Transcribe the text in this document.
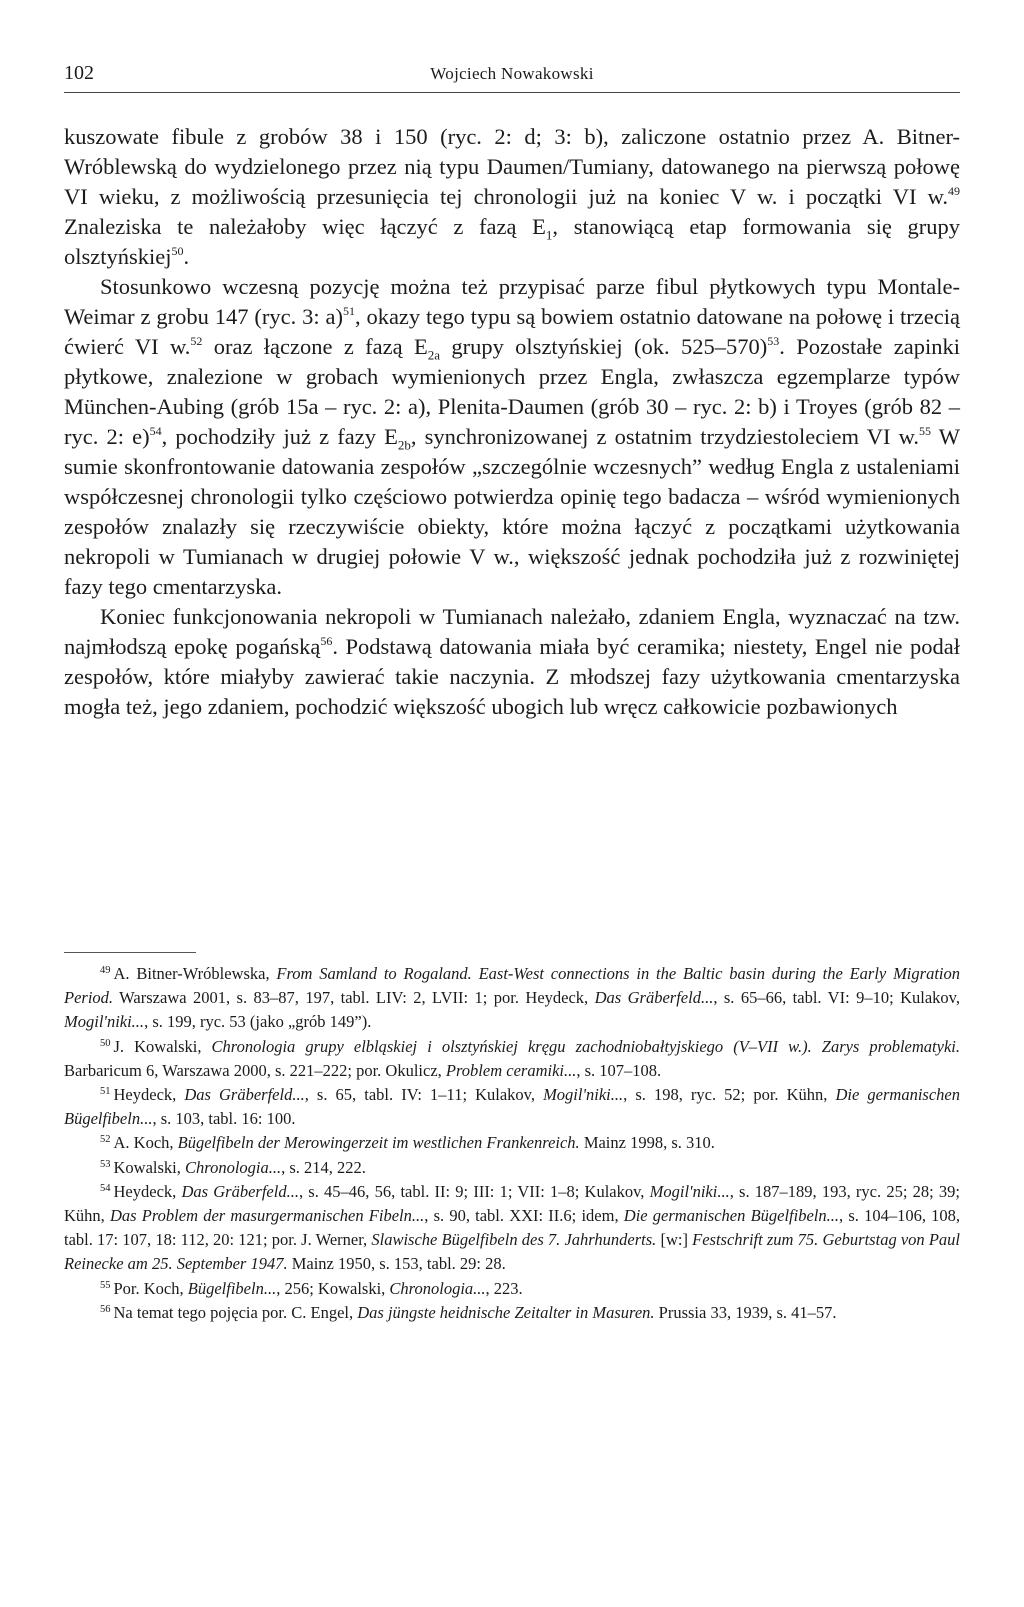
102	Wojciech Nowakowski

kuszowate fibule z grobów 38 i 150 (ryc. 2: d; 3: b), zaliczone ostatnio przez A. Bitner-Wróblewską do wydzielonego przez nią typu Daumen/Tumiany, datowanego na pierwszą połowę VI wieku, z możliwością przesunięcia tej chronologii już na koniec V w. i początki VI w.$^{49}$ Znaleziska te należałoby więc łączyć z fazą $E_1$, stanowiącą etap formowania się grupy olsztyńskiej$^{50}$.

Stosunkowo wczesną pozycję można też przypisać parze fibul płytkowych typu Montale-Weimar z grobu 147 (ryc. 3: a)$^{51}$, okazy tego typu są bowiem ostatnio datowane na połowę i trzecią ćwierć VI w.$^{52}$ oraz łączone z fazą $E_{2a}$ grupy olsztyńskiej (ok. 525–570)$^{53}$. Pozostałe zapinki płytkowe, znalezione w grobach wymienionych przez Engla, zwłaszcza egzemplarze typów München-Aubing (grób 15a – ryc. 2: a), Plenita-Daumen (grób 30 – ryc. 2: b) i Troyes (grób 82 – ryc. 2: e)$^{54}$, pochodziły już z fazy $E_{2b}$, synchronizowanej z ostatnim trzydziestoleciem VI w.$^{55}$ W sumie skonfrontowanie datowania zespołów „szczególnie wczesnych” według Engla z ustaleniami współczesnej chronologii tylko częściowo potwierdza opinię tego badacza – wśród wymienionych zespołów znalazły się rzeczywiście obiekty, które można łączyć z początkami użytkowania nekropoli w Tumianach w drugiej połowie V w., większość jednak pochodziła już z rozwiniętej fazy tego cmentarzyska.

Koniec funkcjonowania nekropoli w Tumianach należało, zdaniem Engla, wyznaczać na tzw. najmłodszą epokę pogańską$^{56}$. Podstawą datowania miała być ceramika; niestety, Engel nie podał zespołów, które miałyby zawierać takie naczynia. Z młodszej fazy użytkowania cmentarzyska mogła też, jego zdaniem, pochodzić większość ubogich lub wręcz całkowicie pozbawionych

$^{49}$ A. Bitner-Wróblewska, From Samland to Rogaland. East-West connections in the Baltic basin during the Early Migration Period. Warszawa 2001, s. 83–87, 197, tabl. LIV: 2, LVII: 1; por. Heydeck, Das Gräberfeld..., s. 65–66, tabl. VI: 9–10; Kulakov, Mogil'niki..., s. 199, ryc. 53 (jako „grób 149”).

$^{50}$ J. Kowalski, Chronologia grupy elbląskiej i olsztyńskiej kręgu zachodniobałtyjskiego (V–VII w.). Zarys problematyki. Barbaricum 6, Warszawa 2000, s. 221–222; por. Okulicz, Problem ceramiki..., s. 107–108.

$^{51}$ Heydeck, Das Gräberfeld..., s. 65, tabl. IV: 1–11; Kulakov, Mogil'niki..., s. 198, ryc. 52; por. Kühn, Die germanischen Bügelfibeln..., s. 103, tabl. 16: 100.

$^{52}$ A. Koch, Bügelfibeln der Merowingerzeit im westlichen Frankenreich. Mainz 1998, s. 310.

$^{53}$ Kowalski, Chronologia..., s. 214, 222.

$^{54}$ Heydeck, Das Gräberfeld..., s. 45–46, 56, tabl. II: 9; III: 1; VII: 1–8; Kulakov, Mogil'niki..., s. 187–189, 193, ryc. 25; 28; 39; Kühn, Das Problem der masurgermanischen Fibeln..., s. 90, tabl. XXI: II.6; idem, Die germanischen Bügelfibeln..., s. 104–106, 108, tabl. 17: 107, 18: 112, 20: 121; por. J. Werner, Slawische Bügelfibeln des 7. Jahrhunderts. [w:] Festschrift zum 75. Geburtstag von Paul Reinecke am 25. September 1947. Mainz 1950, s. 153, tabl. 29: 28.

$^{55}$ Por. Koch, Bügelfibeln..., 256; Kowalski, Chronologia..., 223.

$^{56}$ Na temat tego pojęcia por. C. Engel, Das jüngste heidnische Zeitalter in Masuren. Prussia 33, 1939, s. 41–57.
